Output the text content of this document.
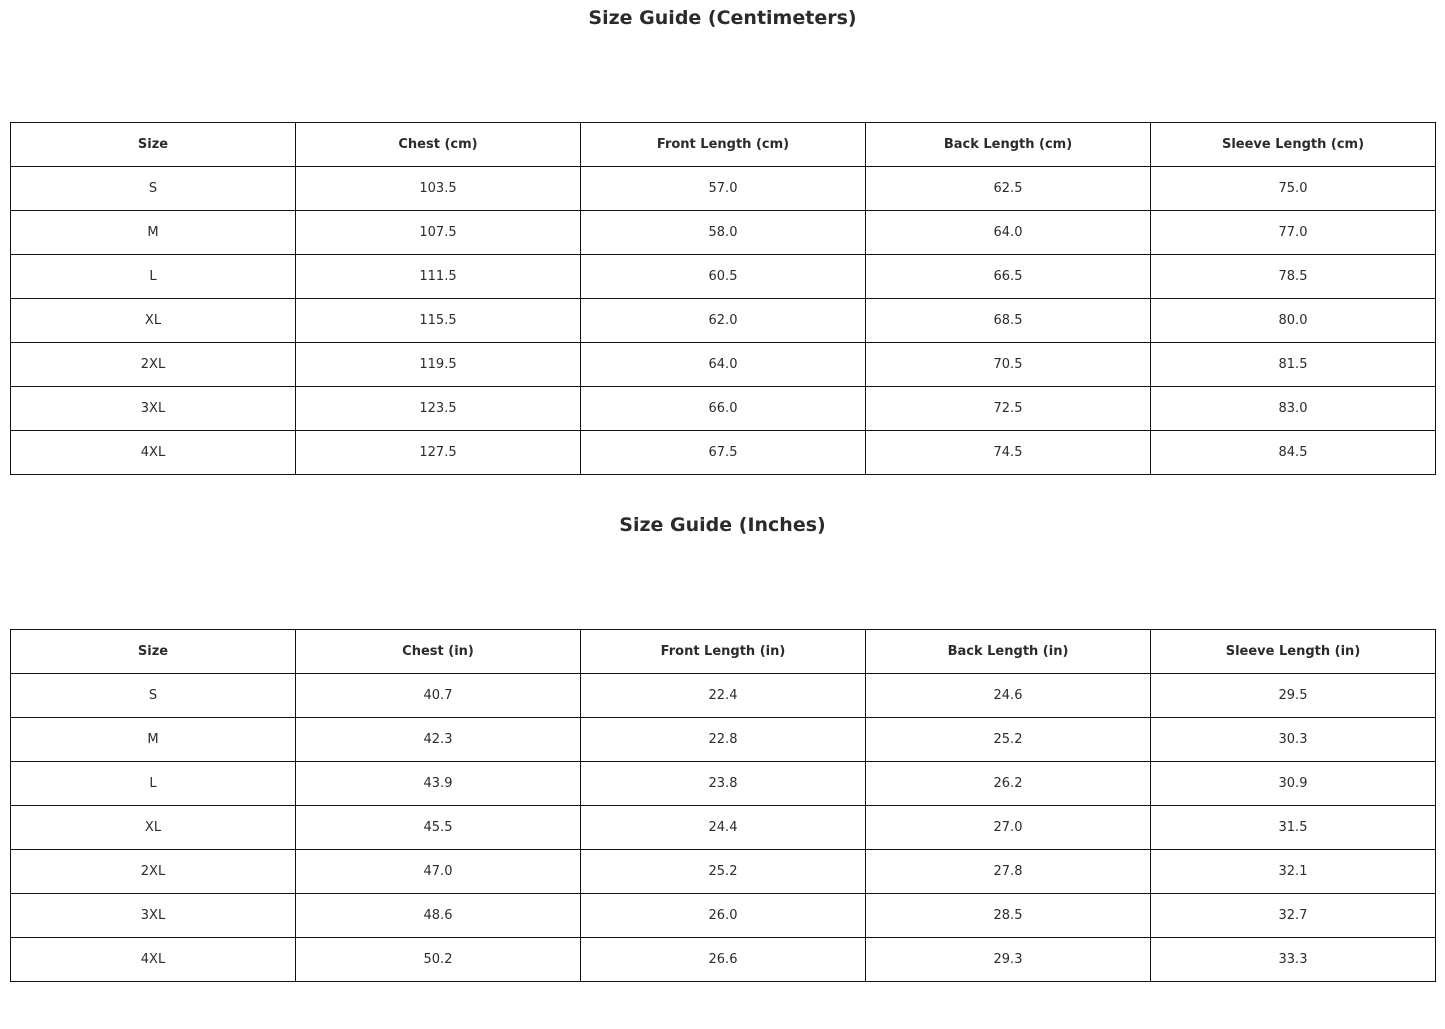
Size Guide (Centimeters)
Size	Chest (cm)	Front Length (cm)	Back Length (cm)	Sleeve Length (cm)
S	103.5	57.0	62.5	75.0
M	107.5	58.0	64.0	77.0
L	111.5	60.5	66.5	78.5
XL	115.5	62.0	68.5	80.0
2XL	119.5	64.0	70.5	81.5
3XL	123.5	66.0	72.5	83.0
4XL	127.5	67.5	74.5	84.5
Size Guide (Inches)
Size	Chest (in)	Front Length (in)	Back Length (in)	Sleeve Length (in)
S	40.7	22.4	24.6	29.5
M	42.3	22.8	25.2	30.3
L	43.9	23.8	26.2	30.9
XL	45.5	24.4	27.0	31.5
2XL	47.0	25.2	27.8	32.1
3XL	48.6	26.0	28.5	32.7
4XL	50.2	26.6	29.3	33.3
